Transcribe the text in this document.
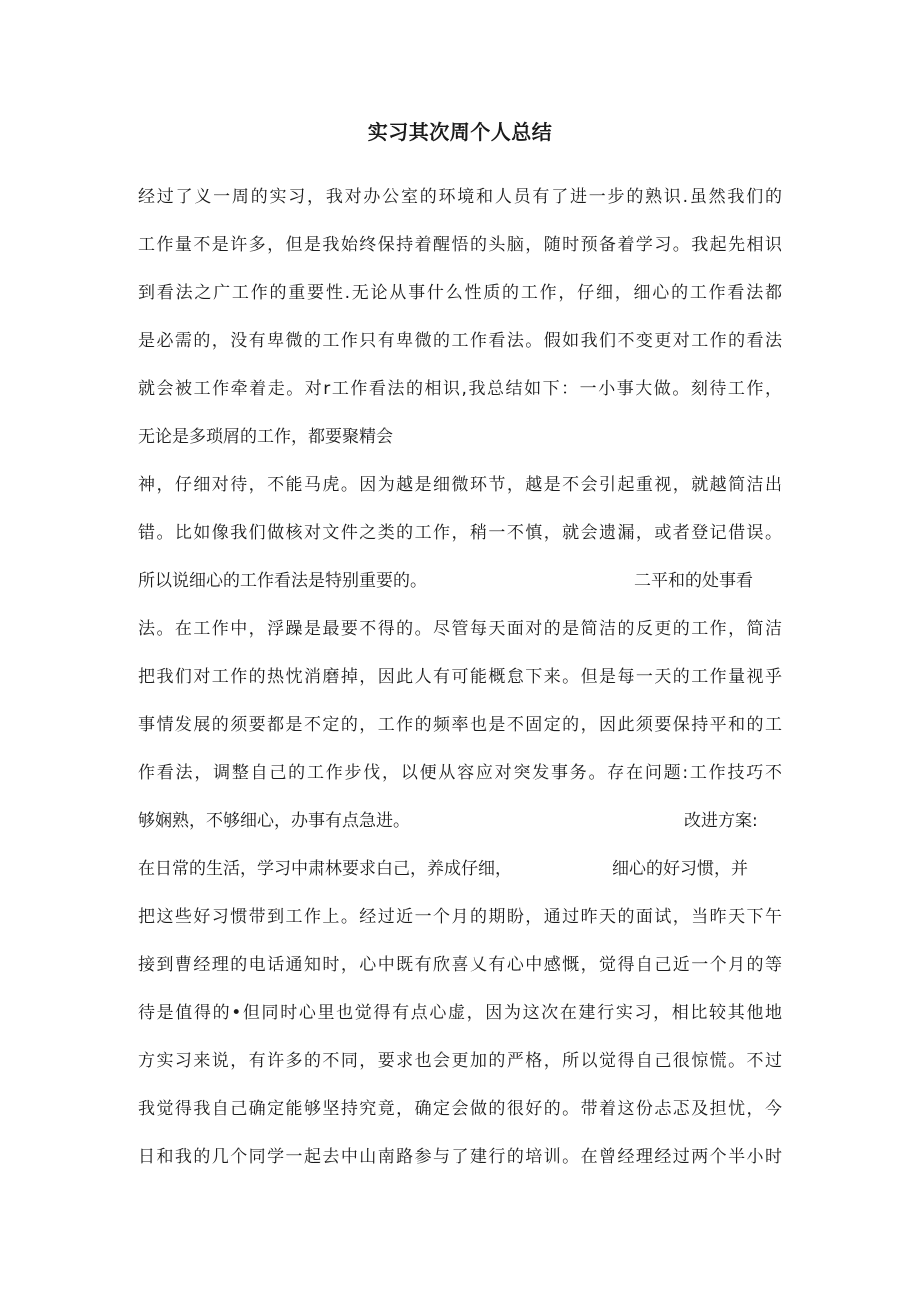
实习其次周个人总结
经过了义一周的实习，我对办公室的环境和人员有了进一步的熟识.虽然我们的
工作量不是许多，但是我始终保持着醒悟的头脑，随时预备着学习。我起先相识
到看法之广工作的重要性.无论从事什么性质的工作，仔细，细心的工作看法都
是必需的，没有卑微的工作只有卑微的工作看法。假如我们不变更对工作的看法
就会被工作牵着走。对r工作看法的相识,我总结如下：一小事大做。刻待工作，
无论是多琐屑的工作，都要聚精会
神，仔细对待，不能马虎。因为越是细微环节，越是不会引起重视，就越简洁出
错。比如像我们做核对文件之类的工作，稍一不慎，就会遗漏，或者登记借误。
所以说细心的工作看法是特别重要的。	二平和的处事看
法。在工作中，浮躁是最要不得的。尽管每天面对的是简洁的反更的工作，简洁
把我们对工作的热忱消磨掉，因此人有可能概怠下来。但是每一天的工作量视乎
事情发展的须要都是不定的，工作的频率也是不固定的，因此须要保持平和的工
作看法，调整自己的工作步伐，以便从容应对突发事务。存在问题:工作技巧不
够娴熟，不够细心，办事有点急进。	改进方案:
在日常的生活，学习中肃林要求白己，养成仔细，	细心的好习惯，并
把这些好习惯带到工作上。经过近一个月的期盼，通过昨天的面试，当昨天下午
接到曹经理的电话通知时，心中既有欣喜乂有心中感慨，觉得自己近一个月的等
待是值得的•但同时心里也觉得有点心虚，因为这次在建行实习，相比较其他地
方实习来说，有许多的不同，要求也会更加的严格，所以觉得自己很惊慌。不过
我觉得我自己确定能够坚持究竟，确定会做的很好的。带着这份忐忑及担忧，今
日和我的几个同学一起去中山南路参与了建行的培训。在曾经理经过两个半小时
